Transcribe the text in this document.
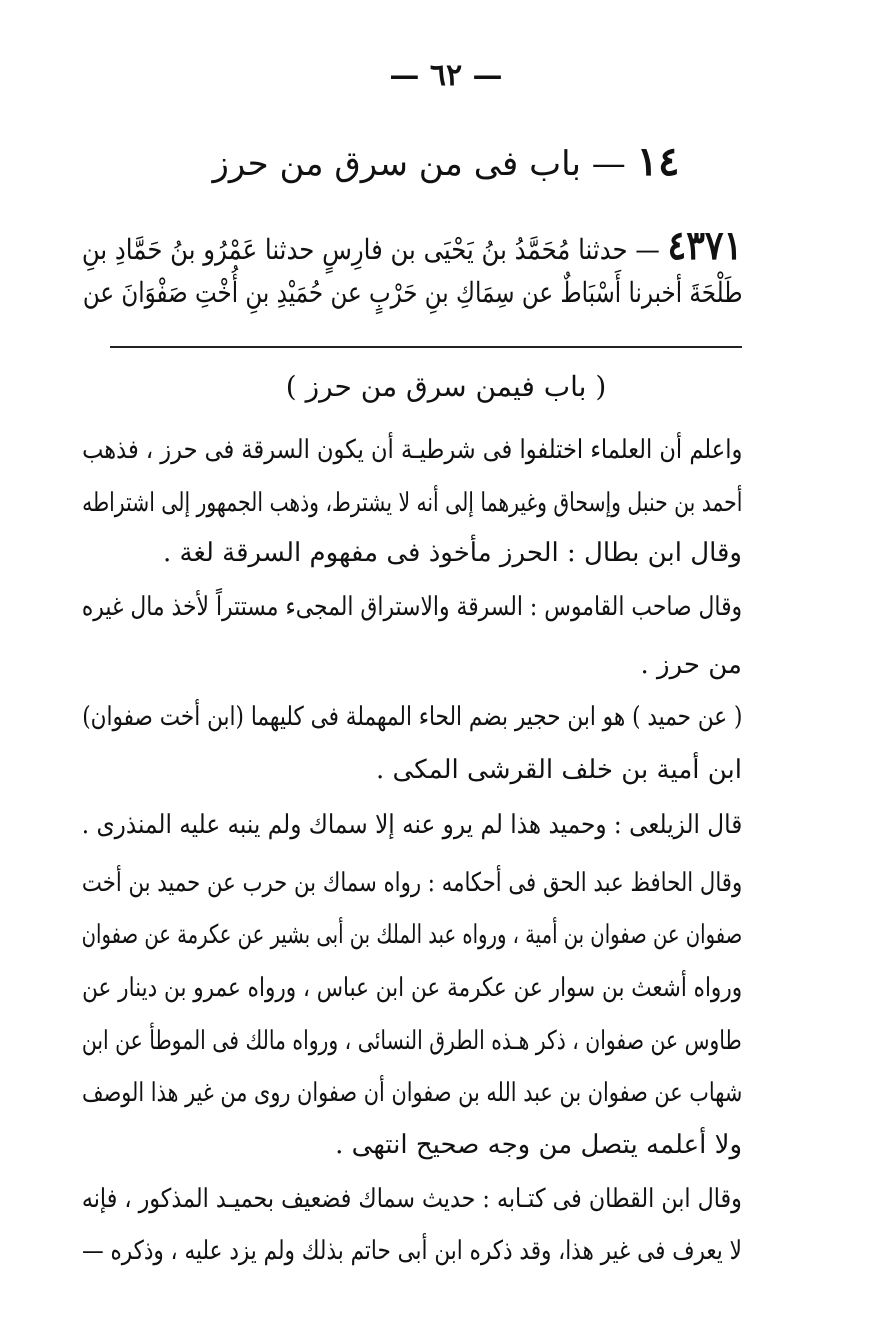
— ٦٢ —
١٤ — باب فى من سرق من حرز
٤٣٧١ — حدثنا مُحَمَّدُ بنُ يَحْيَى بن فارِسٍ حدثنا عَمْرُو بنُ حَمَّادِ بنِ
طَلْحَةَ أخبرنا أَسْبَاطٌ عن سِمَاكِ بنِ حَرْبٍ عن حُمَيْدِ بنِ أُخْتِ صَفْوَانَ عن
( باب فيمن سرق من حرز )
واعلم أن العلماء اختلفوا فى شرطيـة أن يكون السرقة فى حرز ، فذهب
أحمد بن حنبل وإسحاق وغيرهما إلى أنه لا يشترط، وذهب الجمهور إلى اشتراطه
وقال ابن بطال : الحرز مأخوذ فى مفهوم السرقة لغة .
وقال صاحب القاموس : السرقة والاستراق المجىء مستتراً لأخذ مال غيره
من حرز .
( عن حميد ) هو ابن حجير بضم الحاء المهملة فى كليهما (ابن أخت صفوان)
ابن أمية بن خلف القرشى المكى .
قال الزيلعى : وحميد هذا لم يرو عنه إلا سماك ولم ينبه عليه المنذرى .
وقال الحافظ عبد الحق فى أحكامه : رواه سماك بن حرب عن حميد بن أخت
صفوان عن صفوان بن أمية ، ورواه عبد الملك بن أبى بشير عن عكرمة عن صفوان
ورواه أشعث بن سوار عن عكرمة عن ابن عباس ، ورواه عمرو بن دينار عن
طاوس عن صفوان ، ذكر هـذه الطرق النسائى ، ورواه مالك فى الموطأ عن ابن
شهاب عن صفوان بن عبد الله بن صفوان أن صفوان روى من غير هذا الوصف
ولا أعلمه يتصل من وجه صحيح انتهى .
وقال ابن القطان فى كتـابه : حديث سماك فضعيف بحميـد المذكور ، فإنه
لا يعرف فى غير هذا، وقد ذكره ابن أبى حاتم بذلك ولم يزد عليه ، وذكره —
